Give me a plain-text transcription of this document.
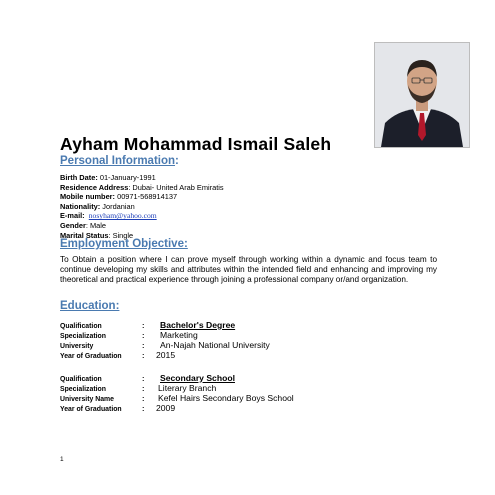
Ayham Mohammad Ismail Saleh
Personal Information:
Birth Date: 01-January-1991
Residence Address: Dubai- United Arab Emiratis
Mobile number: 00971-568914137
Nationality: Jordanian
E-mail: nosyham@yahoo.com
Gender: Male
Marital Status: Single
Employment Objective:
To Obtain a position where I can prove myself through working within a dynamic and focus team to continue developing my skills and attributes within the intended field and enhancing and improving my theoretical and practical experience through joining a professional company or/and organization.
Education:
Qualification	:	Bachelor's Degree
Specialization	:	Marketing
University	:	An-Najah National University
Year of Graduation	:	2015
Qualification	:	Secondary School
Specialization	:	Literary Branch
University Name	:	Kefel Hairs Secondary Boys School
Year of Graduation	:	2009
1
